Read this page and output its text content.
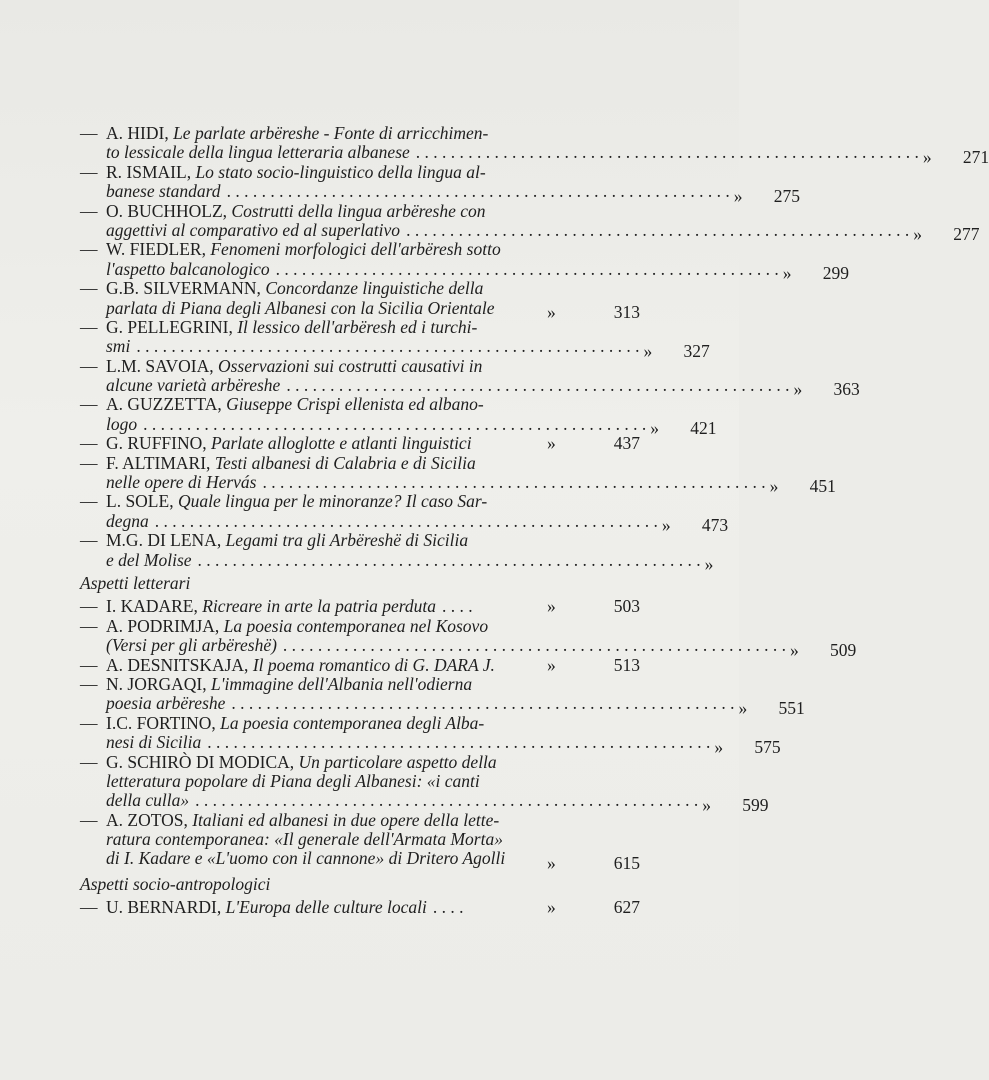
— A. HIDI, Le parlate arbëreshe - Fonte di arricchimen-
to lessicale della lingua letteraria albanese . . . . . . . . . . . . . . . . . . . . . . . . . . . . . . . . . . . . . . . . . . . . . . . . . . . . . . . . . . »	271
— R. ISMAIL, Lo stato socio-linguistico della lingua al-
banese standard . . . . . . . . . . . . . . . . . . . . . . . . . . . . . . . . . . . . . . . . . . . . . . . . . . . . . . . . . . »	275
— O. BUCHHOLZ, Costrutti della lingua arbëreshe con
aggettivi al comparativo ed al superlativo . . . . . . . . . . . . . . . . . . . . . . . . . . . . . . . . . . . . . . . . . . . . . . . . . . . . . . . . . . »	277
— W. FIEDLER, Fenomeni morfologici dell'arbëresh sotto
l'aspetto balcanologico . . . . . . . . . . . . . . . . . . . . . . . . . . . . . . . . . . . . . . . . . . . . . . . . . . . . . . . . . . »	299
— G.B. SILVERMANN, Concordanze linguistiche della
parlata di Piana degli Albanesi con la Sicilia Orientale	»	313
— G. PELLEGRINI, Il lessico dell'arbëresh ed i turchi-
smi . . . . . . . . . . . . . . . . . . . . . . . . . . . . . . . . . . . . . . . . . . . . . . . . . . . . . . . . . . »	327
— L.M. SAVOIA, Osservazioni sui costrutti causativi in
alcune varietà arbëreshe . . . . . . . . . . . . . . . . . . . . . . . . . . . . . . . . . . . . . . . . . . . . . . . . . . . . . . . . . . »	363
— A. GUZZETTA, Giuseppe Crispi ellenista ed albano-
logo . . . . . . . . . . . . . . . . . . . . . . . . . . . . . . . . . . . . . . . . . . . . . . . . . . . . . . . . . . »	421
— G. RUFFINO, Parlate alloglotte e atlanti linguistici	»	437
— F. ALTIMARI, Testi albanesi di Calabria e di Sicilia
nelle opere di Hervás . . . . . . . . . . . . . . . . . . . . . . . . . . . . . . . . . . . . . . . . . . . . . . . . . . . . . . . . . . »	451
— L. SOLE, Quale lingua per le minoranze? Il caso Sar-
degna . . . . . . . . . . . . . . . . . . . . . . . . . . . . . . . . . . . . . . . . . . . . . . . . . . . . . . . . . . »	473
— M.G. DI LENA, Legami tra gli Arbëreshë di Sicilia
e del Molise . . . . . . . . . . . . . . . . . . . . . . . . . . . . . . . . . . . . . . . . . . . . . . . . . . . . . . . . . . »
Aspetti letterari
— I. KADARE, Ricreare in arte la patria perduta . . . .	»	503
— A. PODRIMJA, La poesia contemporanea nel Kosovo
(Versi per gli arbëreshë) . . . . . . . . . . . . . . . . . . . . . . . . . . . . . . . . . . . . . . . . . . . . . . . . . . . . . . . . . . »	509
— A. DESNITSKAJA, Il poema romantico di G. DARA J.	»	513
— N. JORGAQI, L'immagine dell'Albania nell'odierna
poesia arbëreshe . . . . . . . . . . . . . . . . . . . . . . . . . . . . . . . . . . . . . . . . . . . . . . . . . . . . . . . . . . »	551
— I.C. FORTINO, La poesia contemporanea degli Alba-
nesi di Sicilia . . . . . . . . . . . . . . . . . . . . . . . . . . . . . . . . . . . . . . . . . . . . . . . . . . . . . . . . . . »	575
— G. SCHIRÒ DI MODICA, Un particolare aspetto della
letteratura popolare di Piana degli Albanesi: «i canti
della culla» . . . . . . . . . . . . . . . . . . . . . . . . . . . . . . . . . . . . . . . . . . . . . . . . . . . . . . . . . . »	599
— A. ZOTOS, Italiani ed albanesi in due opere della lette-
ratura contemporanea: «Il generale dell'Armata Morta»
di I. Kadare e «L'uomo con il cannone» di Dritero Agolli »	615
Aspetti socio-antropologici
— U. BERNARDI, L'Europa delle culture locali . . . .	»	627
